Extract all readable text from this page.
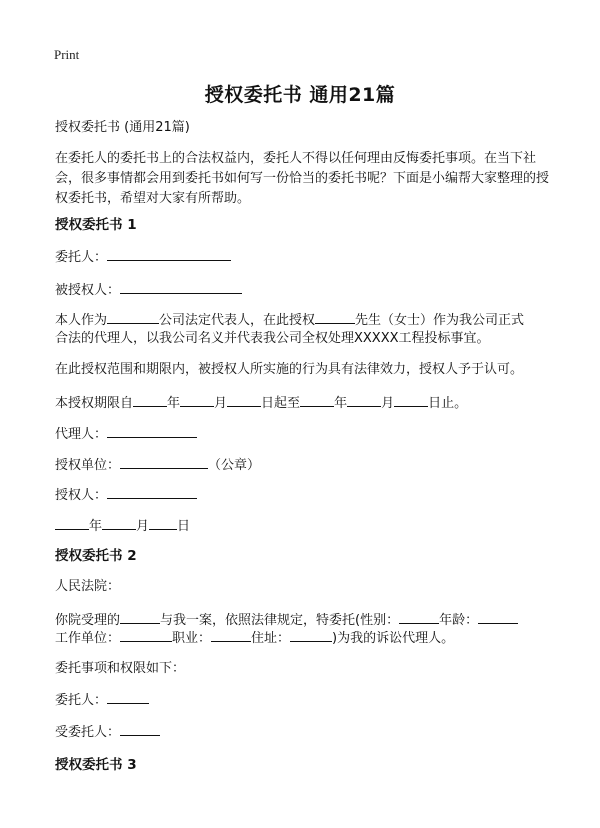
Print
授权委托书 通用21篇
授权委托书 (通用21篇)
在委托人的委托书上的合法权益内，委托人不得以任何理由反悔委托事项。在当下社会，很多事情都会用到委托书如何写一份恰当的委托书呢？下面是小编帮大家整理的授权委托书，希望对大家有所帮助。
授权委托书 1
委托人：
被授权人：
本人作为	公司法定代表人，在此授权	先生（女士）作为我公司正式
合法的代理人，以我公司名义并代表我公司全权处理XXXXX工程投标事宜。
在此授权范围和期限内，被授权人所实施的行为具有法律效力，授权人予于认可。
本授权期限自	年	月	日起至	年	月	日止。
代理人：
授权单位：	（公章）
授权人：
年	月 日
授权委托书 2
人民法院：
你院受理的	与我一案，依照法律规定，特委托(性别：	年龄：
工作单位：	职业：	住址：	)为我的诉讼代理人。
委托事项和权限如下：
委托人：
受委托人：
授权委托书 3
